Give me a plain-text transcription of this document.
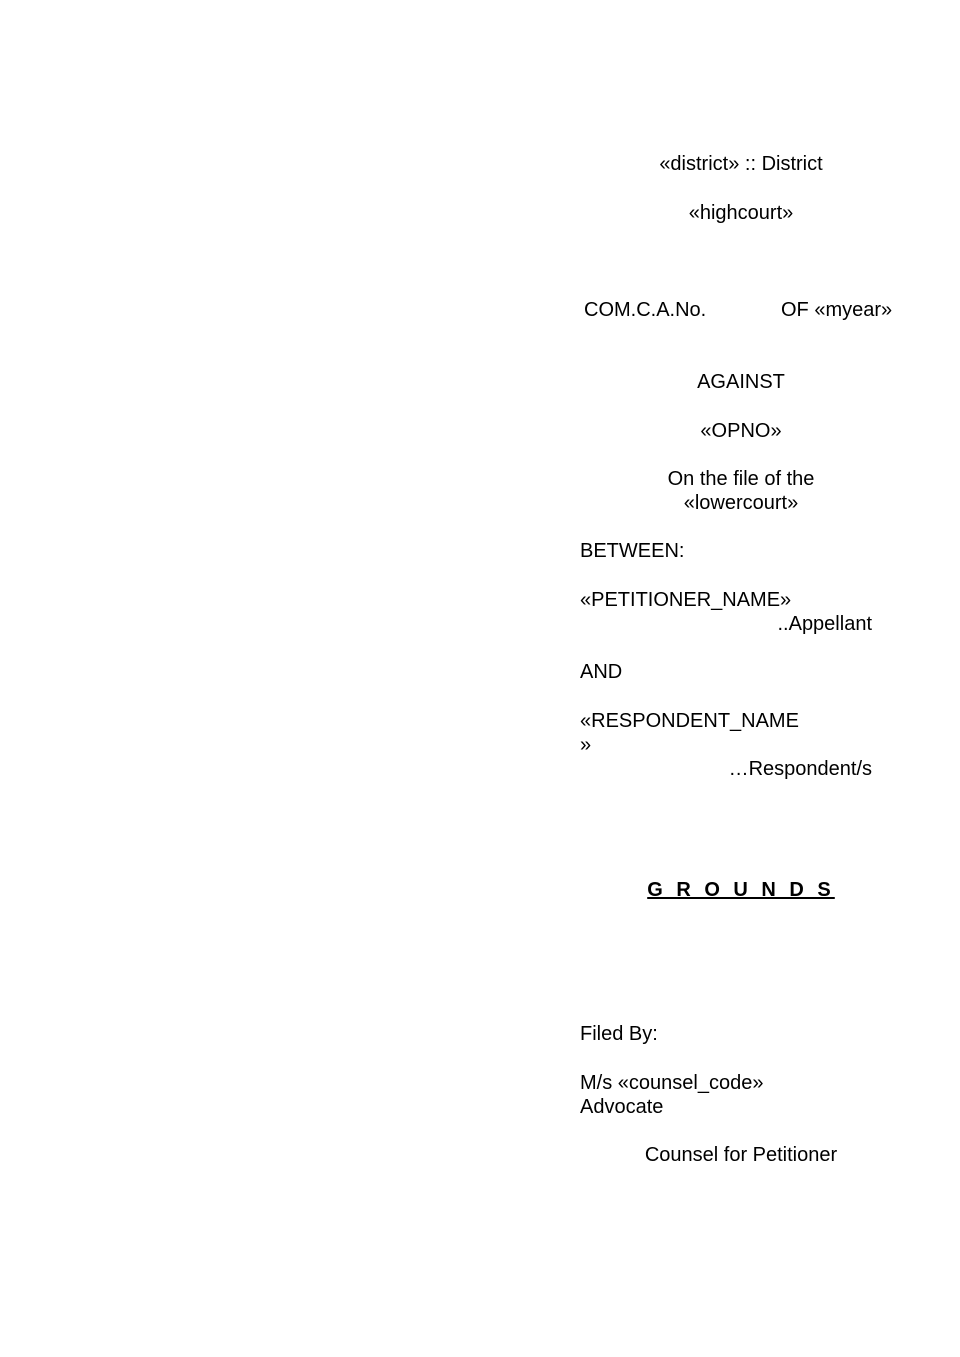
«district» :: District
«highcourt»
COM.C.A.No.	OF «myear»
AGAINST
«OPNO»
On the file of the
«lowercourt»
BETWEEN:
«PETITIONER_NAME»
..Appellant
AND
«RESPONDENT_NAME
»
…Respondent/s
G R O U N D S
Filed By:
M/s «counsel_code»
Advocate
Counsel for Petitioner
